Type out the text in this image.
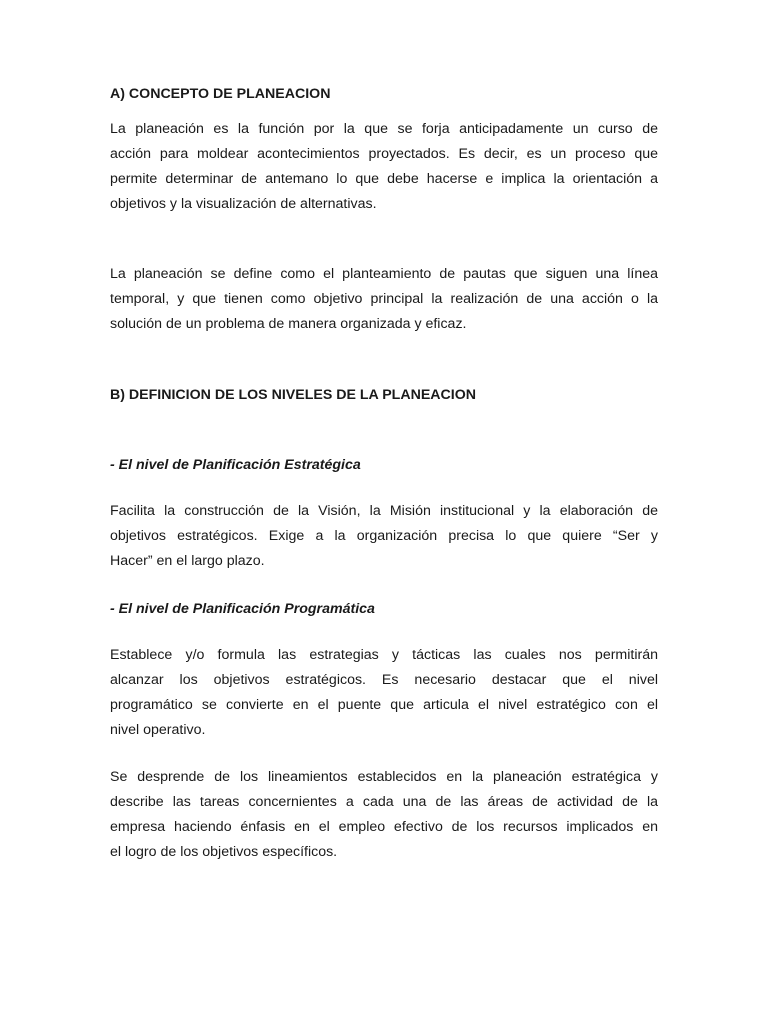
A) CONCEPTO DE PLANEACION
La planeación es la función por la que se forja anticipadamente un curso de
acción para moldear acontecimientos proyectados. Es decir, es un proceso que
permite determinar de antemano lo que debe hacerse e implica la orientación a
objetivos y la visualización de alternativas.
La planeación se define como el planteamiento de pautas que siguen una línea
temporal, y que tienen como objetivo principal la realización de una acción o la
solución de un problema de manera organizada y eficaz.
B) DEFINICION DE LOS NIVELES DE LA PLANEACION
- El nivel de Planificación Estratégica
Facilita la construcción de la Visión, la Misión institucional y la elaboración de
objetivos estratégicos. Exige a la organización precisa lo que quiere “Ser y
Hacer” en el largo plazo.
- El nivel de Planificación Programática
Establece y/o formula las estrategias y tácticas las cuales nos permitirán
alcanzar los objetivos estratégicos. Es necesario destacar que el nivel
programático se convierte en el puente que articula el nivel estratégico con el
nivel operativo.
Se desprende de los lineamientos establecidos en la planeación estratégica y
describe las tareas concernientes a cada una de las áreas de actividad de la
empresa haciendo énfasis en el empleo efectivo de los recursos implicados en
el logro de los objetivos específicos.
